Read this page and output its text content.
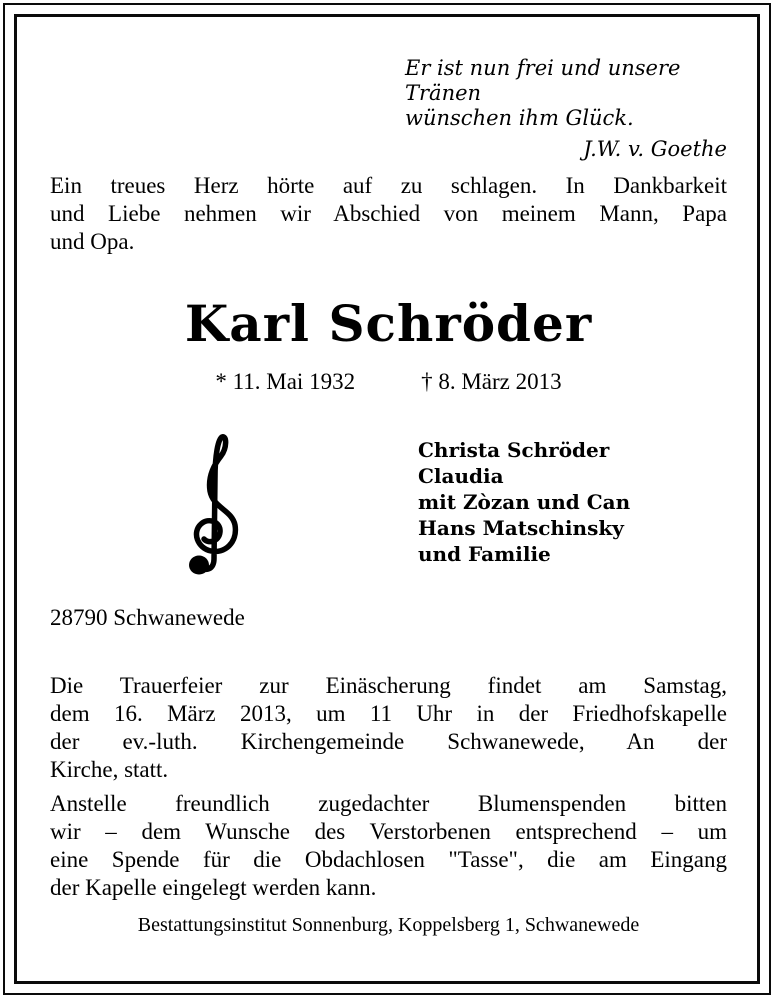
Er ist nun frei und unsere Tränen
wünschen ihm Glück.
J.W. v. Goethe
Ein treues Herz hörte auf zu schlagen. In Dankbarkeit
und Liebe nehmen wir Abschied von meinem Mann, Papa
und Opa.
Karl Schröder
* 11. Mai 1932	† 8. März 2013
Christa Schröder
Claudia
mit Zòzan und Can
Hans Matschinsky
und Familie
28790 Schwanewede
Die Trauerfeier zur Einäscherung findet am Samstag,
dem 16. März 2013, um 11 Uhr in der Friedhofskapelle
der ev.-luth. Kirchengemeinde Schwanewede, An der
Kirche, statt.
Anstelle freundlich zugedachter Blumenspenden bitten
wir – dem Wunsche des Verstorbenen entsprechend – um
eine Spende für die Obdachlosen "Tasse", die am Eingang
der Kapelle eingelegt werden kann.
Bestattungsinstitut Sonnenburg, Koppelsberg 1, Schwanewede
